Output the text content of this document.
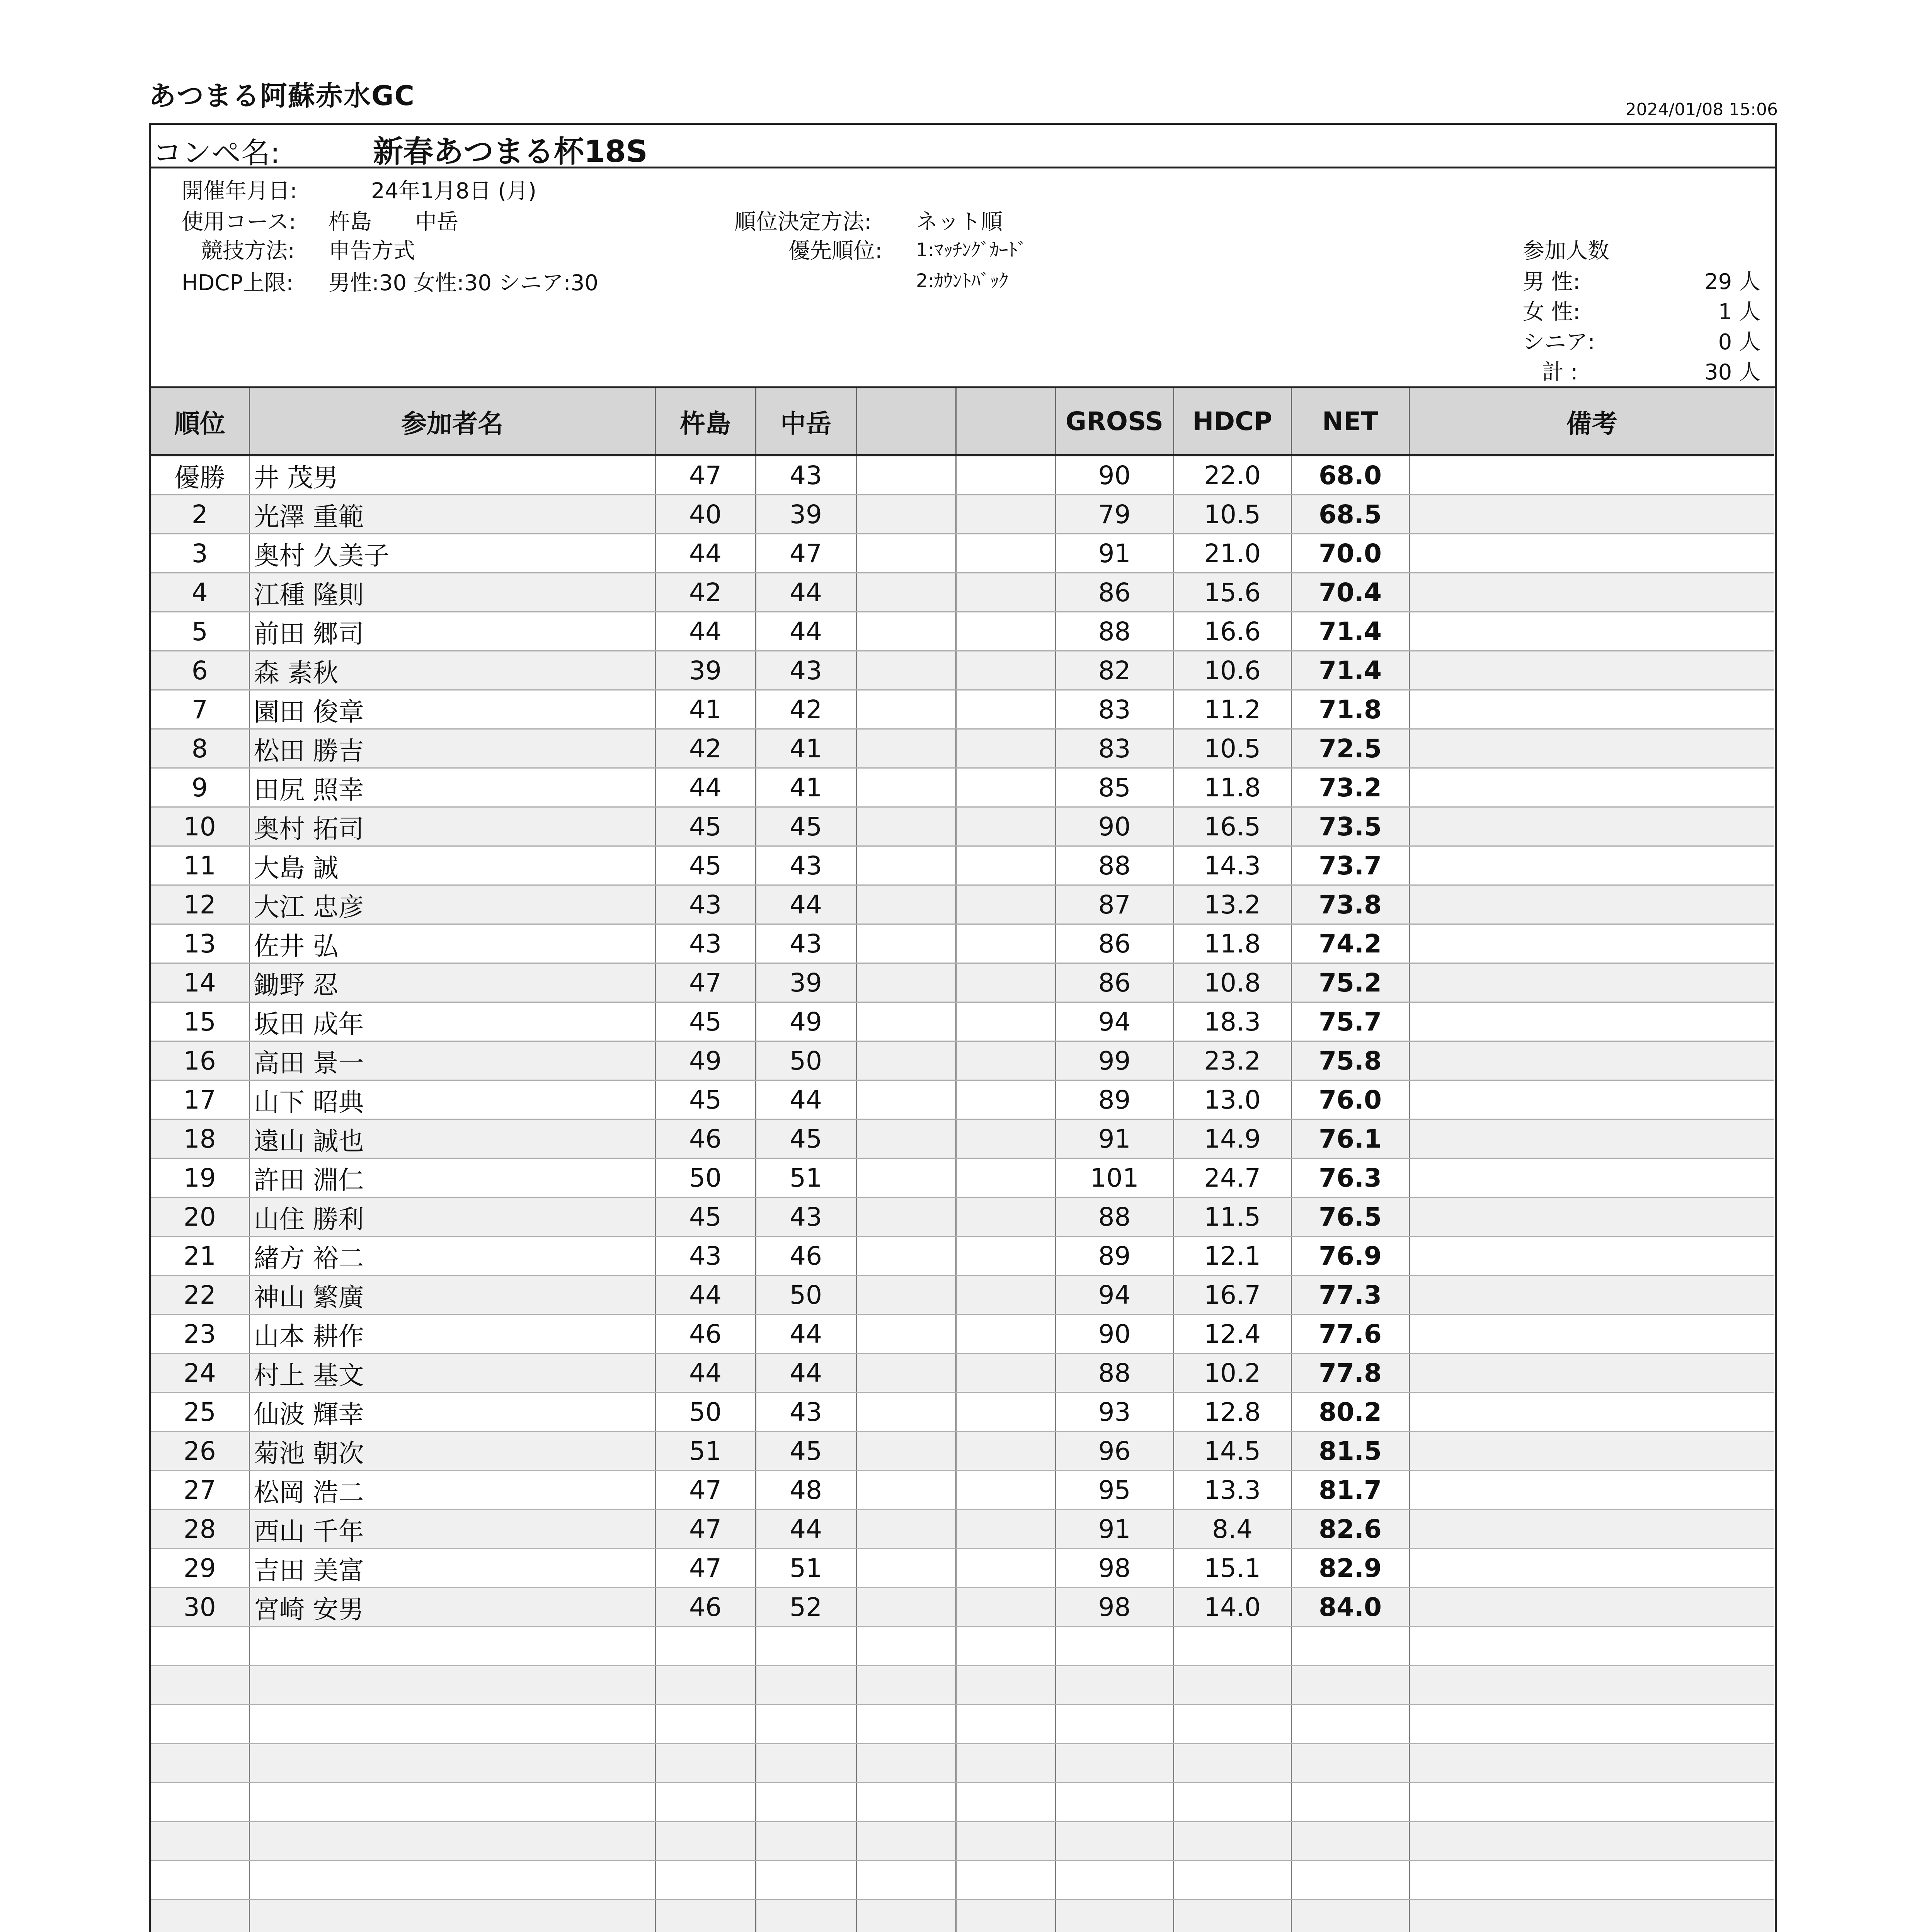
あつまる阿蘇赤水GC	2024/01/08 15:06
コンペ名:	新春あつまる杯18S
開催年月日:	24年1月8日 (月)
使用コース: 杵島　　中岳
競技方法: 申告方式
HDCP上限: 男性:30 女性:30 シニア:30
順位決定方法: ネット順
優先順位: 1:ﾏｯﾁﾝｸﾞｶｰﾄﾞ
2:ｶｳﾝﾄﾊﾞｯｸ
参加人数
男 性:	29 人
女 性:	1 人
シニア:	0 人
計 :	30 人
順位	参加者名	杵島	中岳			GROSS	HDCP	NET	備考
優勝	井 茂男	47	43			90	22.0	68.0	
2	光澤 重範	40	39			79	10.5	68.5	
3	奥村 久美子	44	47			91	21.0	70.0	
4	江種 隆則	42	44			86	15.6	70.4	
5	前田 郷司	44	44			88	16.6	71.4	
6	森 素秋	39	43			82	10.6	71.4	
7	園田 俊章	41	42			83	11.2	71.8	
8	松田 勝吉	42	41			83	10.5	72.5	
9	田尻 照幸	44	41			85	11.8	73.2	
10	奥村 拓司	45	45			90	16.5	73.5	
11	大島 誠	45	43			88	14.3	73.7	
12	大江 忠彦	43	44			87	13.2	73.8	
13	佐井 弘	43	43			86	11.8	74.2	
14	鋤野 忍	47	39			86	10.8	75.2	
15	坂田 成年	45	49			94	18.3	75.7	
16	高田 景一	49	50			99	23.2	75.8	
17	山下 昭典	45	44			89	13.0	76.0	
18	遠山 誠也	46	45			91	14.9	76.1	
19	許田 淵仁	50	51			101	24.7	76.3	
20	山住 勝利	45	43			88	11.5	76.5	
21	緒方 裕二	43	46			89	12.1	76.9	
22	神山 繁廣	44	50			94	16.7	77.3	
23	山本 耕作	46	44			90	12.4	77.6	
24	村上 基文	44	44			88	10.2	77.8	
25	仙波 輝幸	50	43			93	12.8	80.2	
26	菊池 朝次	51	45			96	14.5	81.5	
27	松岡 浩二	47	48			95	13.3	81.7	
28	西山 千年	47	44			91	8.4	82.6	
29	吉田 美富	47	51			98	15.1	82.9	
30	宮崎 安男	46	52			98	14.0	84.0	
